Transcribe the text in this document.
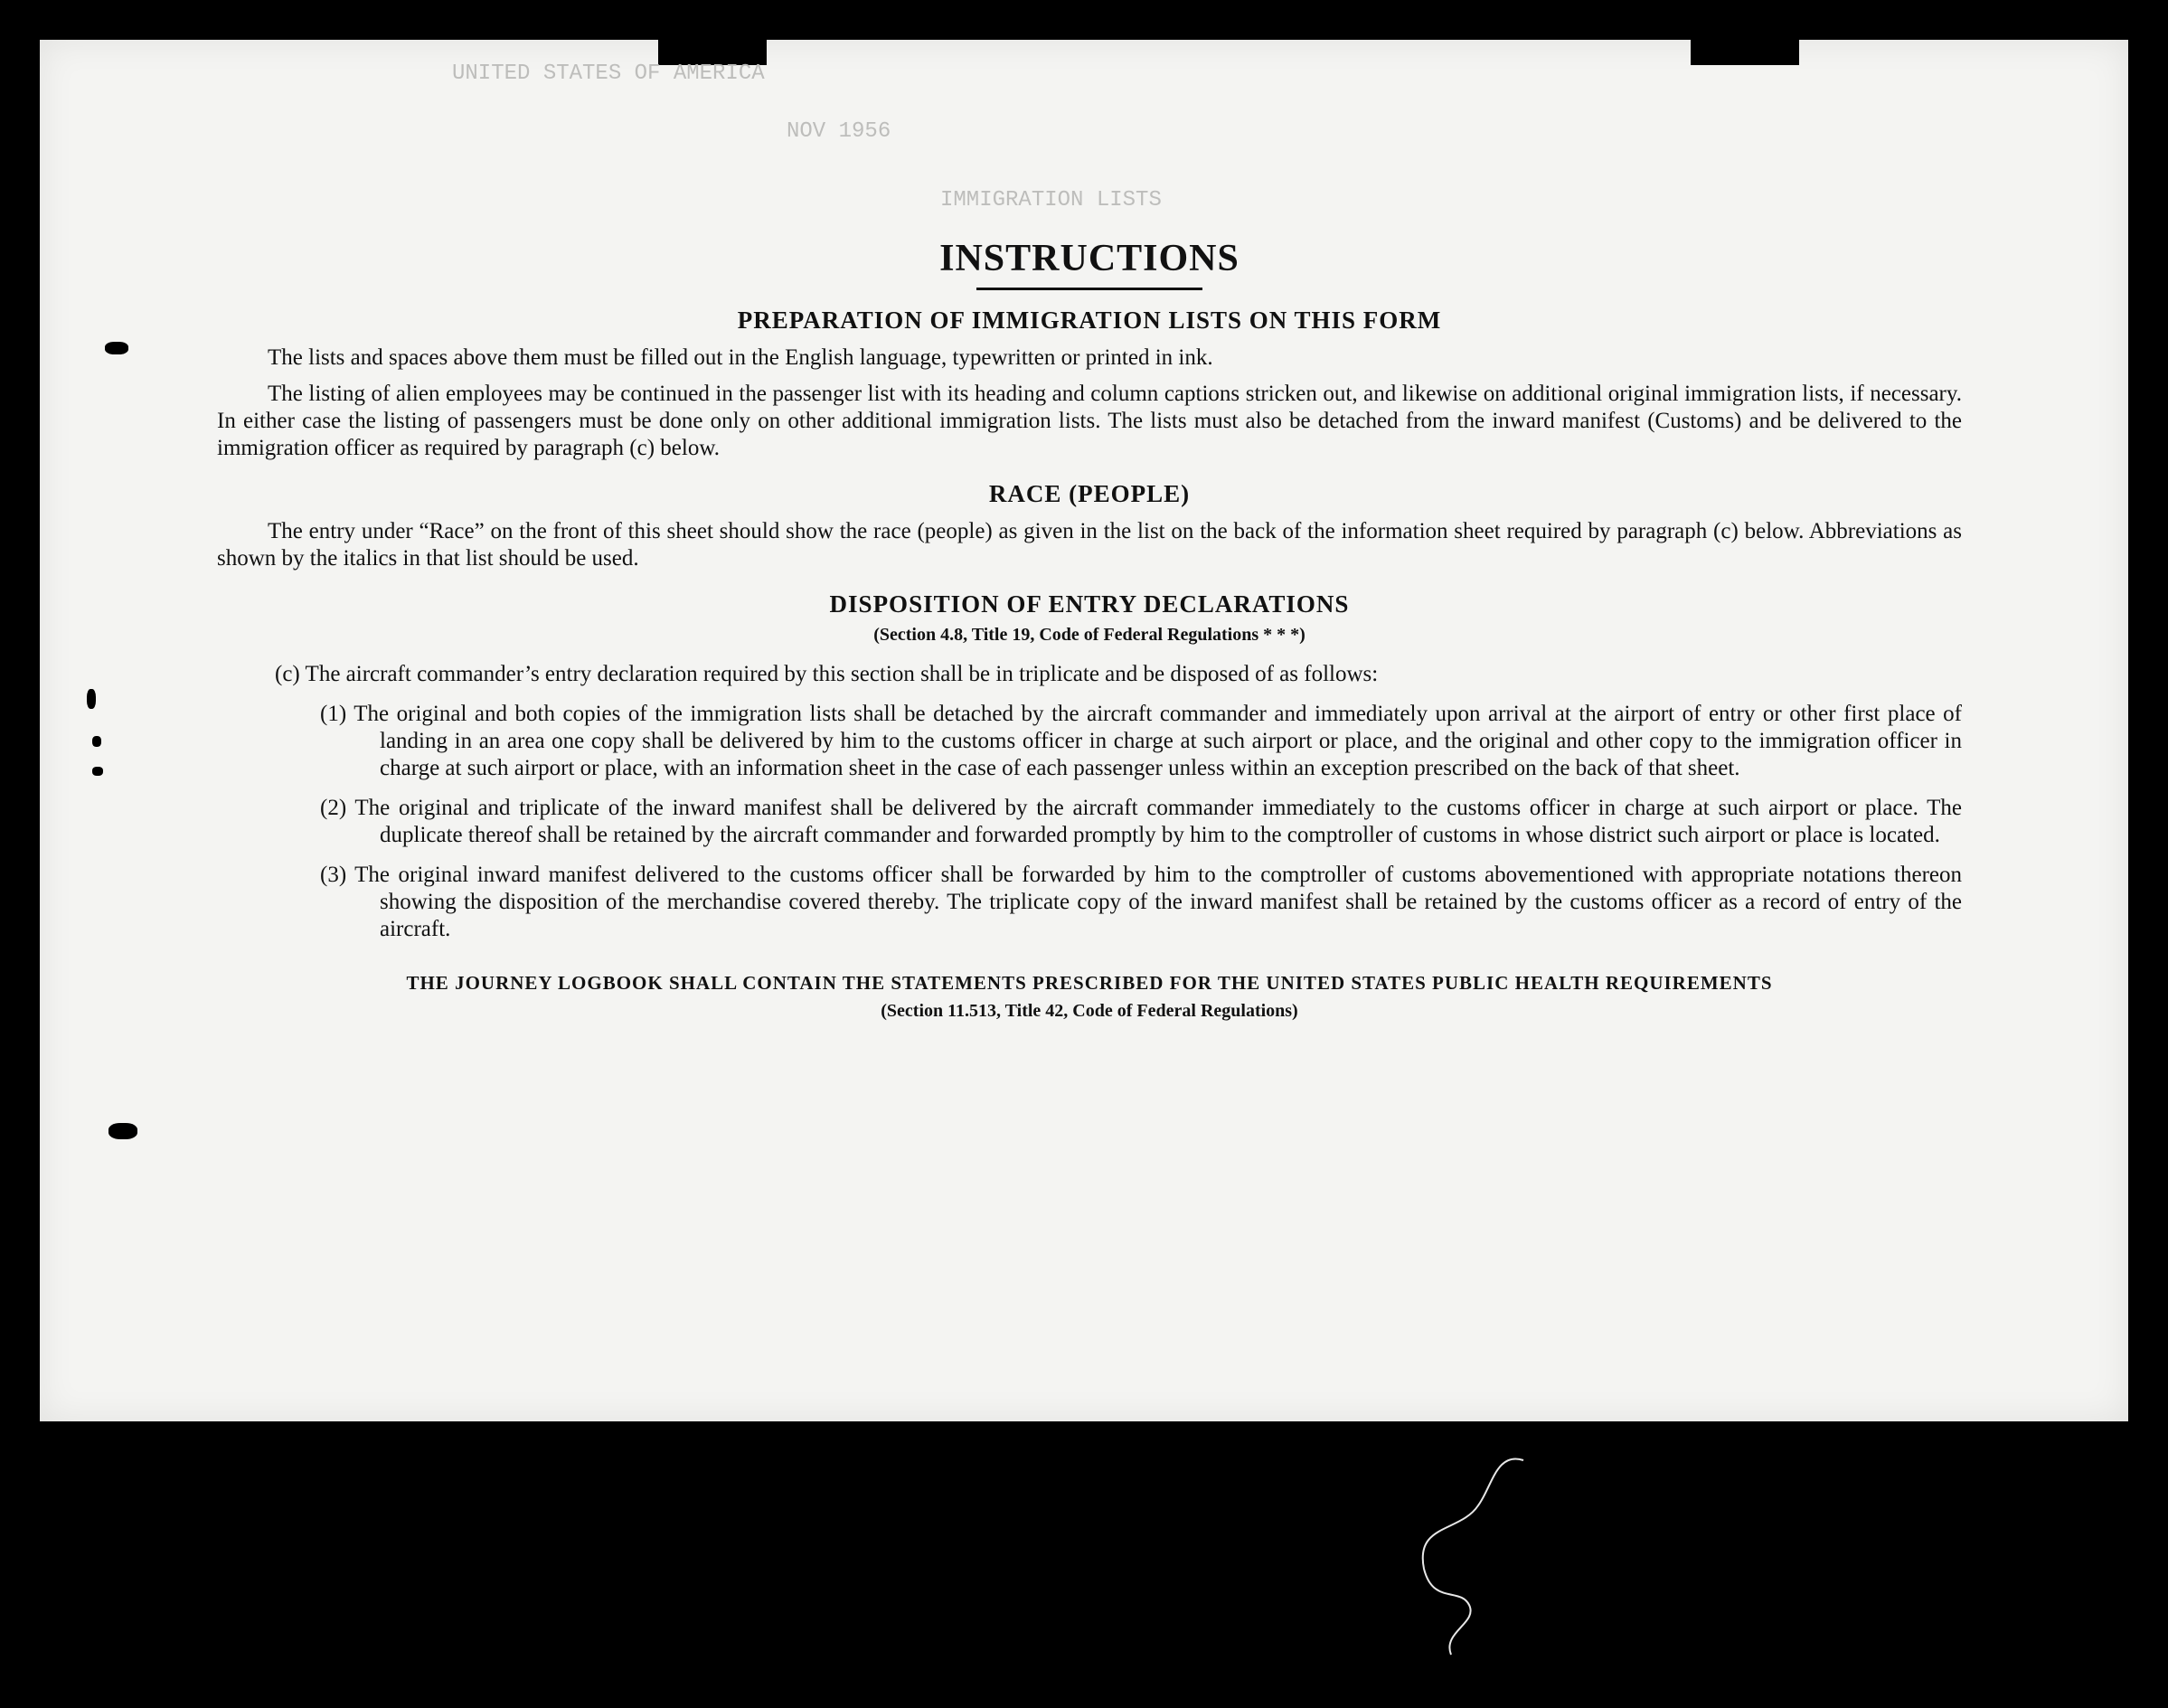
UNITED STATES OF AMERICA
NOV 1956
IMMIGRATION LISTS
INSTRUCTIONS
PREPARATION OF IMMIGRATION LISTS ON THIS FORM

The lists and spaces above them must be filled out in the English language, typewritten or printed in ink.

The listing of alien employees may be continued in the passenger list with its heading and column captions stricken out, and likewise on additional original immigration lists, if necessary. In either case the listing of passengers must be done only on other additional immigration lists. The lists must also be detached from the inward manifest (Customs) and be delivered to the immigration officer as required by paragraph (c) below.

RACE (PEOPLE)

The entry under “Race” on the front of this sheet should show the race (people) as given in the list on the back of the information sheet required by paragraph (c) below. Abbreviations as shown by the italics in that list should be used.

DISPOSITION OF ENTRY DECLARATIONS
(Section 4.8, Title 19, Code of Federal Regulations * * *)

(c) The aircraft commander’s entry declaration required by this section shall be in triplicate and be disposed of as follows:

(1) The original and both copies of the immigration lists shall be detached by the aircraft commander and immediately upon arrival at the airport of entry or other first place of landing in an area one copy shall be delivered by him to the customs officer in charge at such airport or place, and the original and other copy to the immigration officer in charge at such airport or place, with an information sheet in the case of each passenger unless within an exception prescribed on the back of that sheet.
(2) The original and triplicate of the inward manifest shall be delivered by the aircraft commander immediately to the customs officer in charge at such airport or place. The duplicate thereof shall be retained by the aircraft commander and forwarded promptly by him to the comptroller of customs in whose district such airport or place is located.
(3) The original inward manifest delivered to the customs officer shall be forwarded by him to the comptroller of customs abovementioned with appropriate notations thereon showing the disposition of the merchandise covered thereby. The triplicate copy of the inward manifest shall be retained by the customs officer as a record of entry of the aircraft.
THE JOURNEY LOGBOOK SHALL CONTAIN THE STATEMENTS PRESCRIBED FOR THE UNITED STATES PUBLIC HEALTH REQUIREMENTS
(Section 11.513, Title 42, Code of Federal Regulations)
